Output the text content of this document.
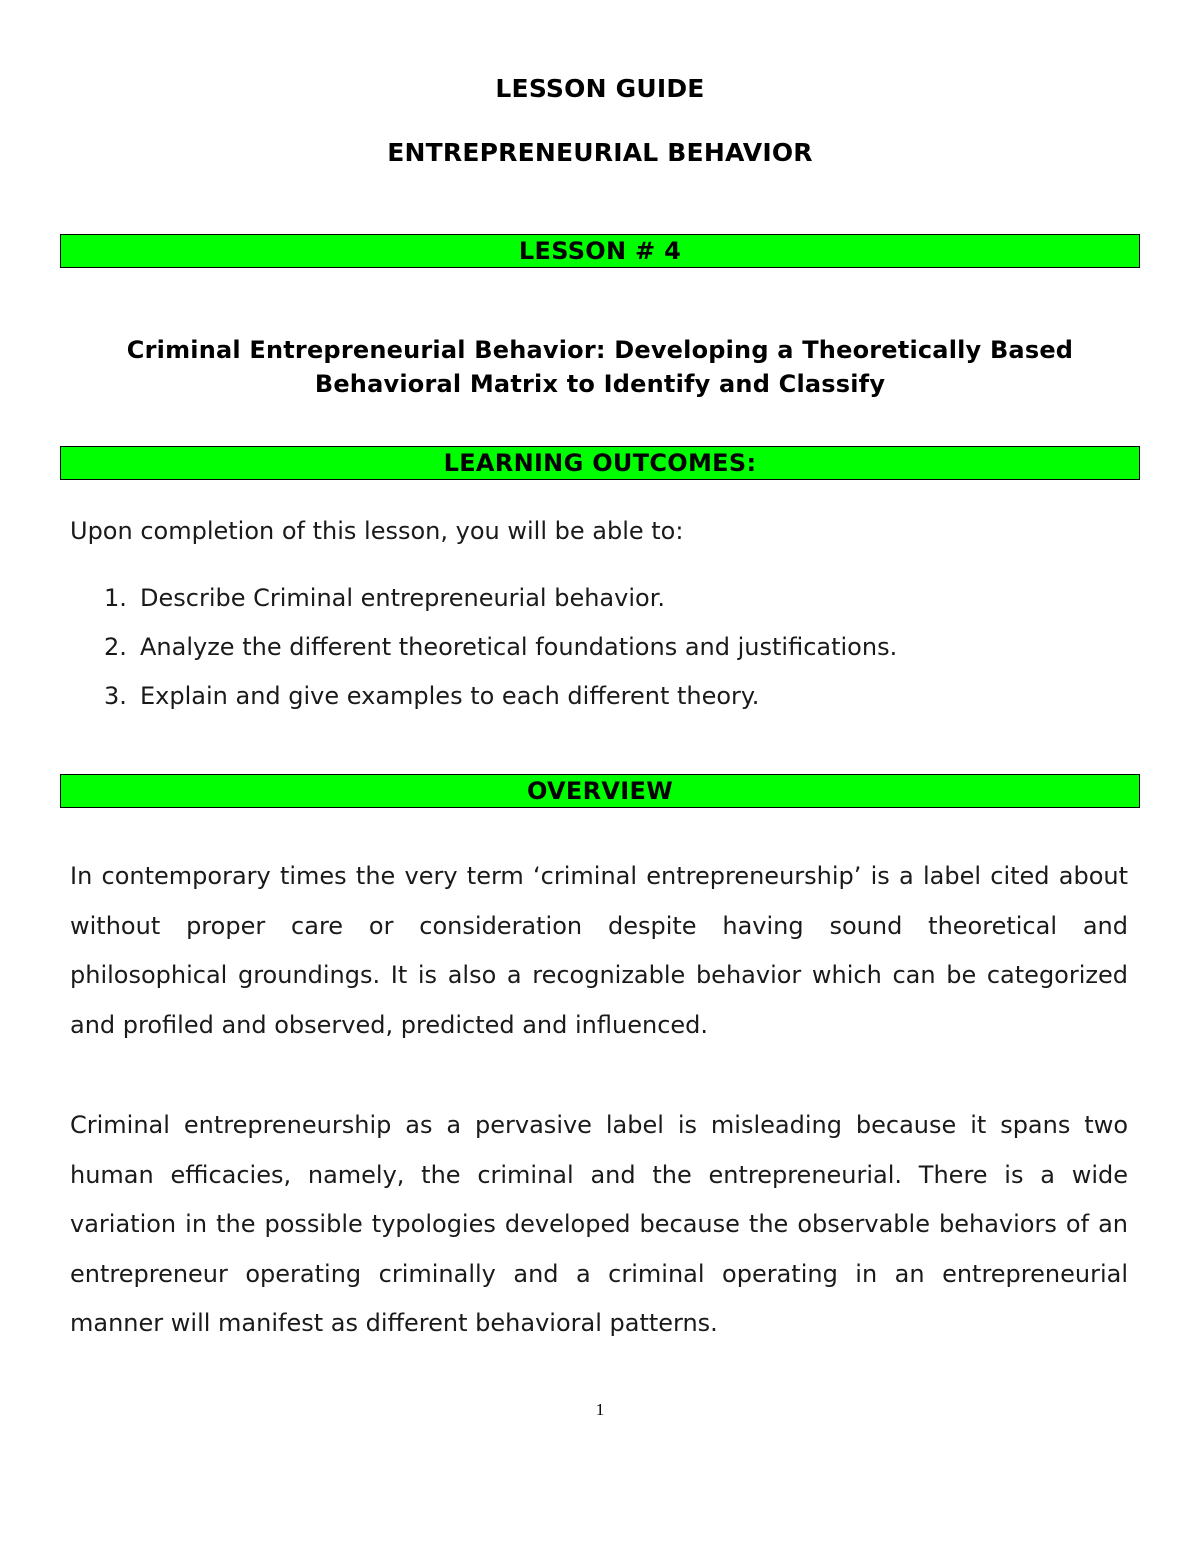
LESSON GUIDE
ENTREPRENEURIAL BEHAVIOR
LESSON # 4
Criminal Entrepreneurial Behavior: Developing a Theoretically Based
Behavioral Matrix to Identify and Classify
LEARNING OUTCOMES:
Upon completion of this lesson, you will be able to:
1. Describe Criminal entrepreneurial behavior.
2. Analyze the different theoretical foundations and justifications.
3. Explain and give examples to each different theory.
OVERVIEW

In contemporary times the very term ‘criminal entrepreneurship’ is a label cited about without proper care or consideration despite having sound theoretical and philosophical groundings. It is also a recognizable behavior which can be categorized and profiled and observed, predicted and influenced.

Criminal entrepreneurship as a pervasive label is misleading because it spans two human efficacies, namely, the criminal and the entrepreneurial. There is a wide variation in the possible typologies developed because the observable behaviors of an entrepreneur operating criminally and a criminal operating in an entrepreneurial manner will manifest as different behavioral patterns.

1
